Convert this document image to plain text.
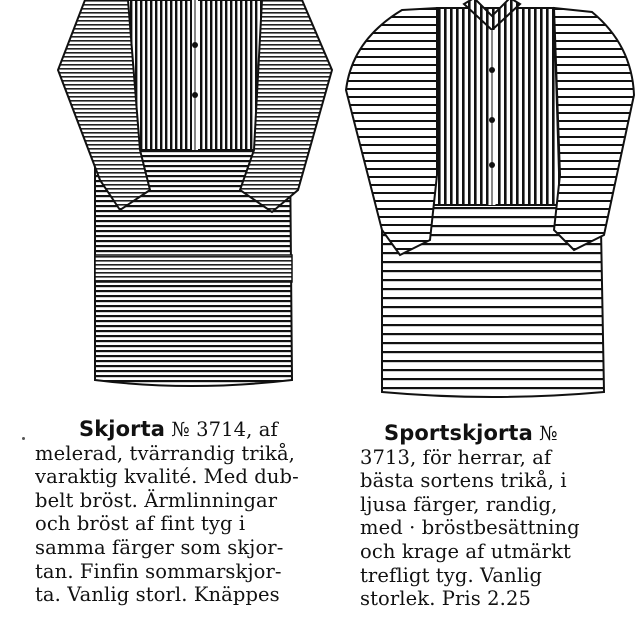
Skjorta № 3714, af

melerad, tvärrandig trikå,

varaktig kvalité. Med dub-

belt bröst. Ärmlinningar

och bröst af fint tyg i

samma färger som skjor-

tan. Finfin sommarskjor-

ta. Vanlig storl. Knäppes

Sportskjorta №

3713, för herrar, af

bästa sortens trikå, i

ljusa färger, randig,

med · bröstbesättning

och krage af utmärkt

trefligt tyg. Vanlig

storlek. Pris 2.25
